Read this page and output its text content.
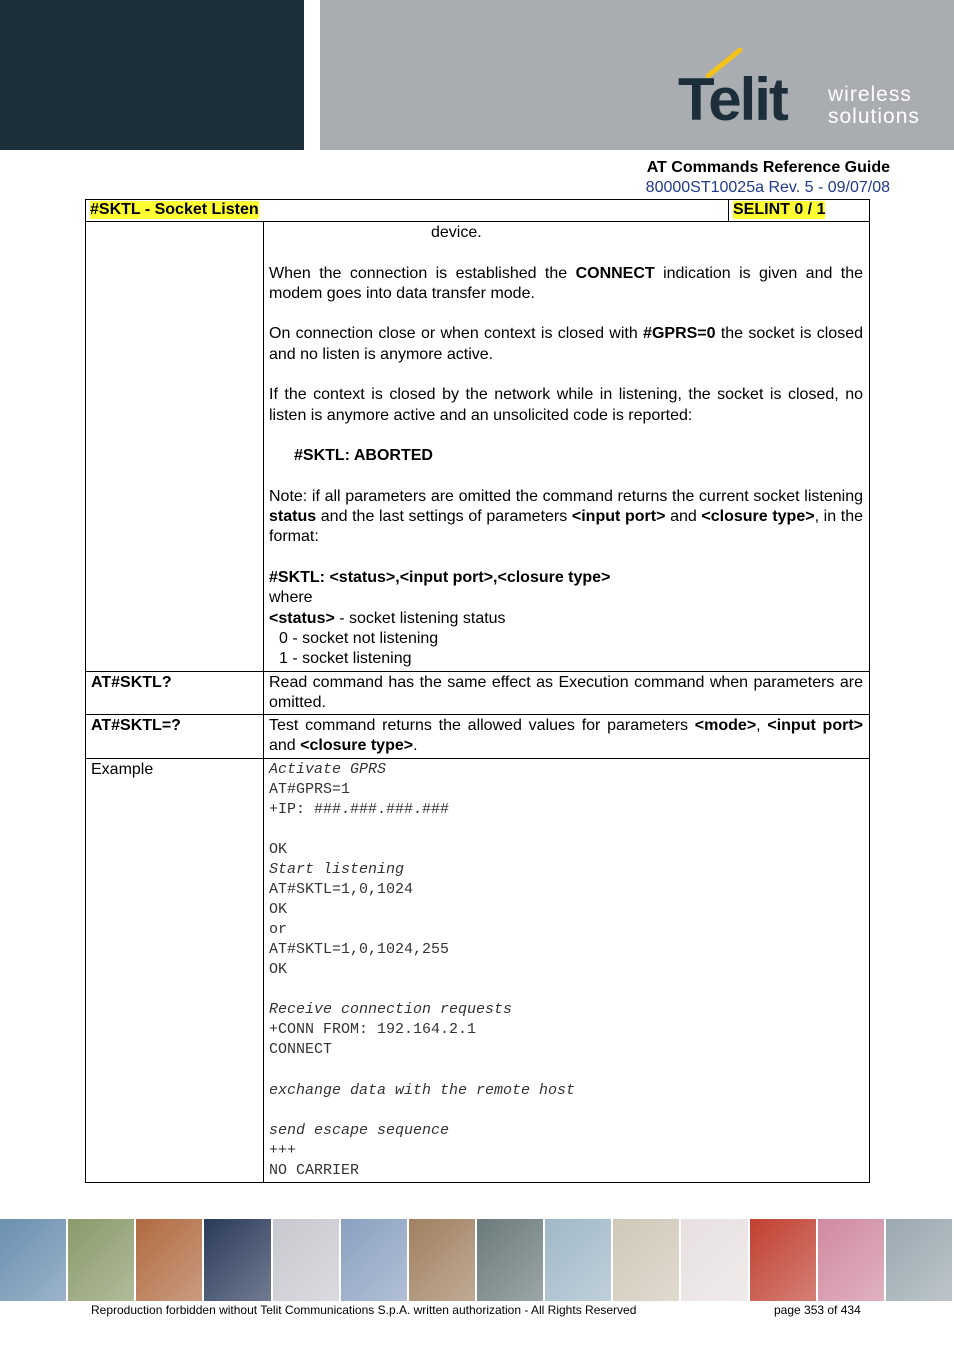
Telit wireless
solutions
AT Commands Reference Guide
80000ST10025a Rev. 5 - 09/07/08
#SKTL - Socket Listen	SELINT 0 / 1

device.

When the connection is established the CONNECT indication is given and the modem goes into data transfer mode.

On connection close or when context is closed with #GPRS=0 the socket is closed and no listen is anymore active.

If the context is closed by the network while in listening, the socket is closed, no listen is anymore active and an unsolicited code is reported:

#SKTL: ABORTED

Note: if all parameters are omitted the command returns the current socket listening status and the last settings of parameters <input port> and <closure type>, in the format:

#SKTL: <status>,<input port>,<closure type>

where

<status> - socket listening status

0 - socket not listening

1 - socket listening

AT#SKTL?	Read command has the same effect as Execution command when parameters are omitted.
AT#SKTL=?	Test command returns the allowed values for parameters <mode>, <input port> and <closure type>.
Example	Activate GPRS
AT#GPRS=1
+IP: ###.###.###.###
OK
Start listening
AT#SKTL=1,0,1024
OK
or
AT#SKTL=1,0,1024,255
OK
Receive connection requests
+CONN FROM: 192.164.2.1
CONNECT
exchange data with the remote host
send escape sequence
+++
NO CARRIER
Reproduction forbidden without Telit Communications S.p.A. written authorization - All Rights Reserved	page 353 of 434
